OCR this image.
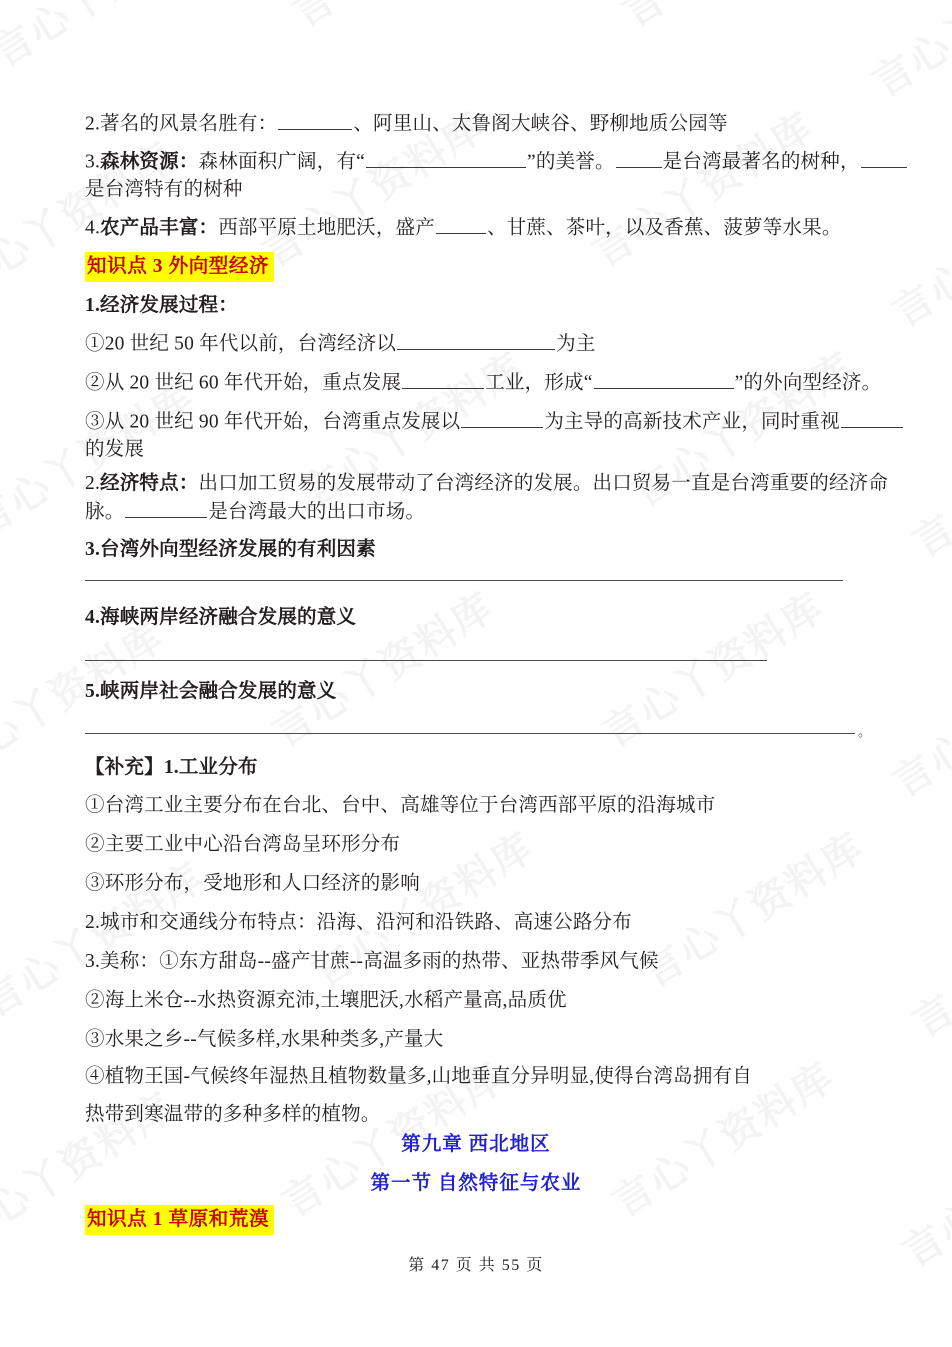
2.著名的风景名胜有：	、阿里山、太鲁阁大峡谷、野柳地质公园等
3.森林资源：森林面积广阔，有“	”的美誉。 是台湾最著名的树种，
是台湾特有的树种
4.农产品丰富：西部平原土地肥沃，盛产	、甘蔗、茶叶，以及香蕉、菠萝等水果。
知识点 3 外向型经济
1.经济发展过程：
①20 世纪 50 年代以前，台湾经济以	为主
②从 20 世纪 60 年代开始，重点发展	工业，形成“	”的外向型经济。
③从 20 世纪 90 年代开始，台湾重点发展以	为主导的高新技术产业，同时重视
的发展
2.经济特点：出口加工贸易的发展带动了台湾经济的发展。出口贸易一直是台湾重要的经济命
脉。	是台湾最大的出口市场。
3.台湾外向型经济发展的有利因素
4.海峡两岸经济融合发展的意义
5.峡两岸社会融合发展的意义
。
【补充】1.工业分布
①台湾工业主要分布在台北、台中、高雄等位于台湾西部平原的沿海城市
②主要工业中心沿台湾岛呈环形分布
③环形分布，受地形和人口经济的影响
2.城市和交通线分布特点：沿海、沿河和沿铁路、高速公路分布
3.美称：①东方甜岛--盛产甘蔗--高温多雨的热带、亚热带季风气候
②海上米仓--水热资源充沛,土壤肥沃,水稻产量高,品质优
③水果之乡--气候多样,水果种类多,产量大
④植物王国-气候终年湿热且植物数量多,山地垂直分异明显,使得台湾岛拥有自
热带到寒温带的多种多样的植物。
第九章 西北地区
第一节 自然特征与农业
知识点 1 草原和荒漠
第 47 页 共 55 页
